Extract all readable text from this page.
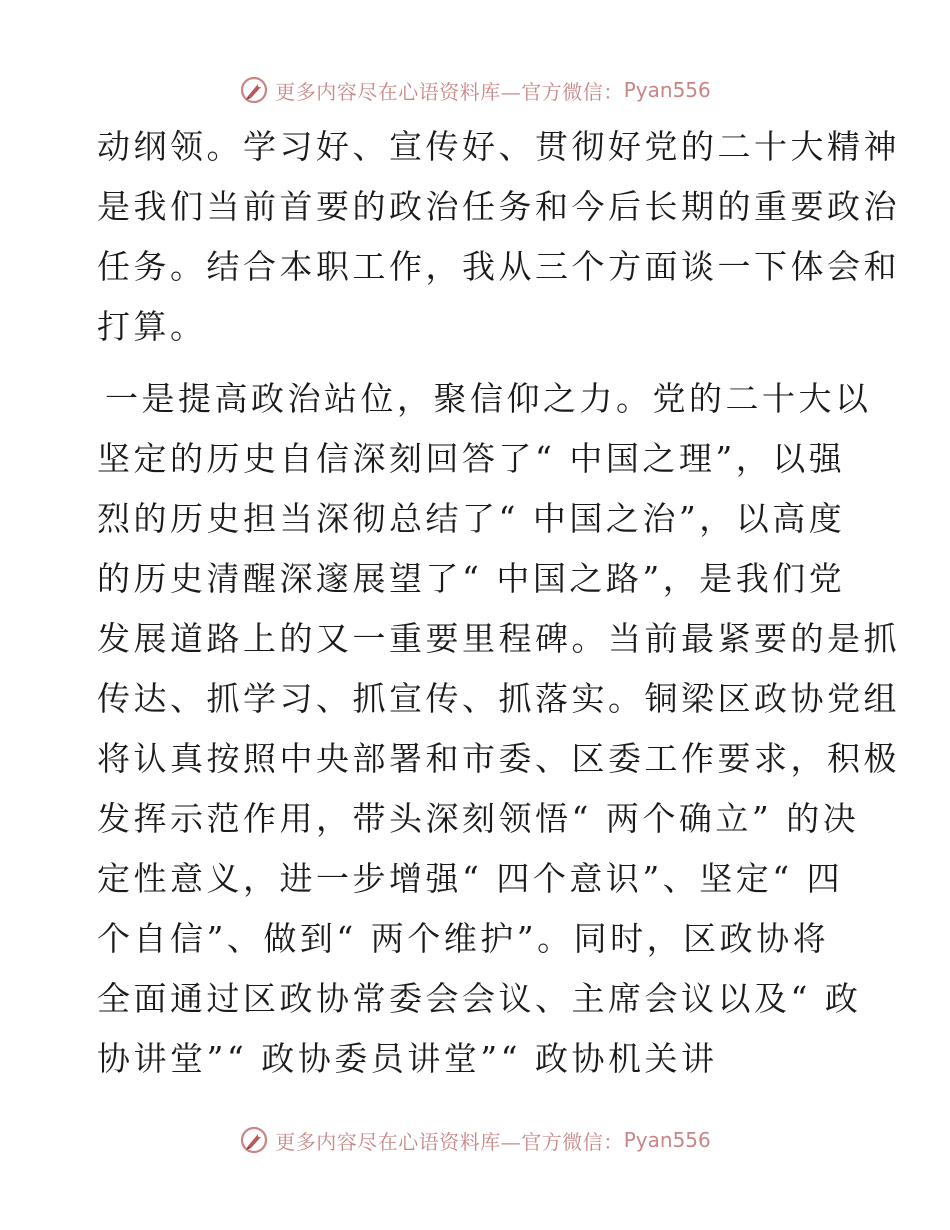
更多内容尽在心语资料库—官方微信： Pyan556
动纲领。学习好、宣传好、贯彻好党的二十大精神
是我们当前首要的政治任务和今后长期的重要政治
任务。结合本职工作，我从三个方面谈一下体会和
打算。
一是提高政治站位，聚信仰之力。党的二十大以
坚定的历史自信深刻回答了“ 中国之理”，以强
烈的历史担当深彻总结了“ 中国之治”，以高度
的历史清醒深邃展望了“ 中国之路”，是我们党
发展道路上的又一重要里程碑。当前最紧要的是抓
传达、抓学习、抓宣传、抓落实。铜梁区政协党组
将认真按照中央部署和市委、区委工作要求，积极
发挥示范作用，带头深刻领悟“ 两个确立” 的决
定性意义，进一步增强“ 四个意识”、坚定“ 四
个自信”、做到“ 两个维护”。同时，区政协将
全面通过区政协常委会会议、主席会议以及“ 政
协讲堂”“ 政协委员讲堂”“ 政协机关讲
更多内容尽在心语资料库—官方微信： Pyan556
